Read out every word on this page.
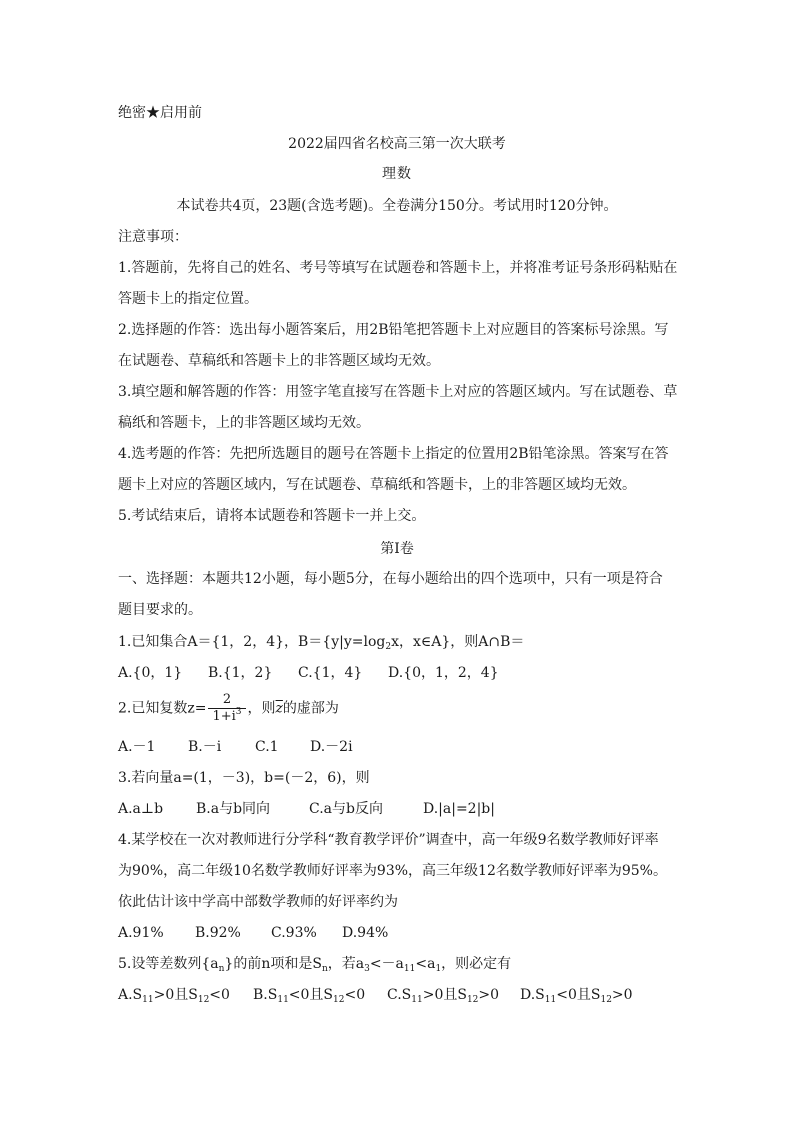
绝密★启用前
2022届四省名校高三第一次大联考
理数
本试卷共4页，23题(含选考题)。全卷满分150分。考试用时120分钟。
注意事项：
1.答题前，先将自己的姓名、考号等填写在试题卷和答题卡上，并将准考证号条形码粘贴在
答题卡上的指定位置。
2.选择题的作答：选出每小题答案后，用2B铅笔把答题卡上对应题目的答案标号涂黑。写
在试题卷、草稿纸和答题卡上的非答题区域均无效。
3.填空题和解答题的作答：用签字笔直接写在答题卡上对应的答题区域内。写在试题卷、草
稿纸和答题卡，上的非答题区域均无效。
4.选考题的作答：先把所选题目的题号在答题卡上指定的位置用2B铅笔涂黑。答案写在答
题卡上对应的答题区域内，写在试题卷、草稿纸和答题卡，上的非答题区域均无效。
5.考试结束后，请将本试题卷和答题卡一并上交。
第Ⅰ卷
一、选择题：本题共12小题，每小题5分，在每小题给出的四个选项中，只有一项是符合
题目要求的。
1.已知集合A＝{1，2，4}，$B=\{y|y=\log_2x$，x∈A}，则A∩B＝
A.{0，1}	B.{1，2}	C.{1，4}	D.{0，1，2，4}
2.已知复数$z= \frac{2}{1+i^3}$ ，则$\overline{z}$的虚部为
A.－1	B.－i	C.1	D.－2i
3.若向量a=(1，－3)，b=(－2，6)，则
A.a⊥b	B.a与b同向	C.a与b反向	D.|a|=2|b|
4.某学校在一次对教师进行分学科“教育教学评价”调查中，高一年级9名数学教师好评率
为90%，高二年级10名数学教师好评率为93%，高三年级12名数学教师好评率为95%。
依此估计该中学高中部数学教师的好评率约为
A.91%	B.92%	C.93%	D.94%
5.设等差数列$\{a_n\}$的前n项和是$S_n$，若$a_3<-a_{11}<a_1$，则必定有
$A.S_{11}>0$且$S_{12}<0$	$B.S_{11}<0$且$S_{12}<0$	$C.S_{11}>0$且$S_{12}>0$	$D.S_{11}<0$且$S_{12}>0$
